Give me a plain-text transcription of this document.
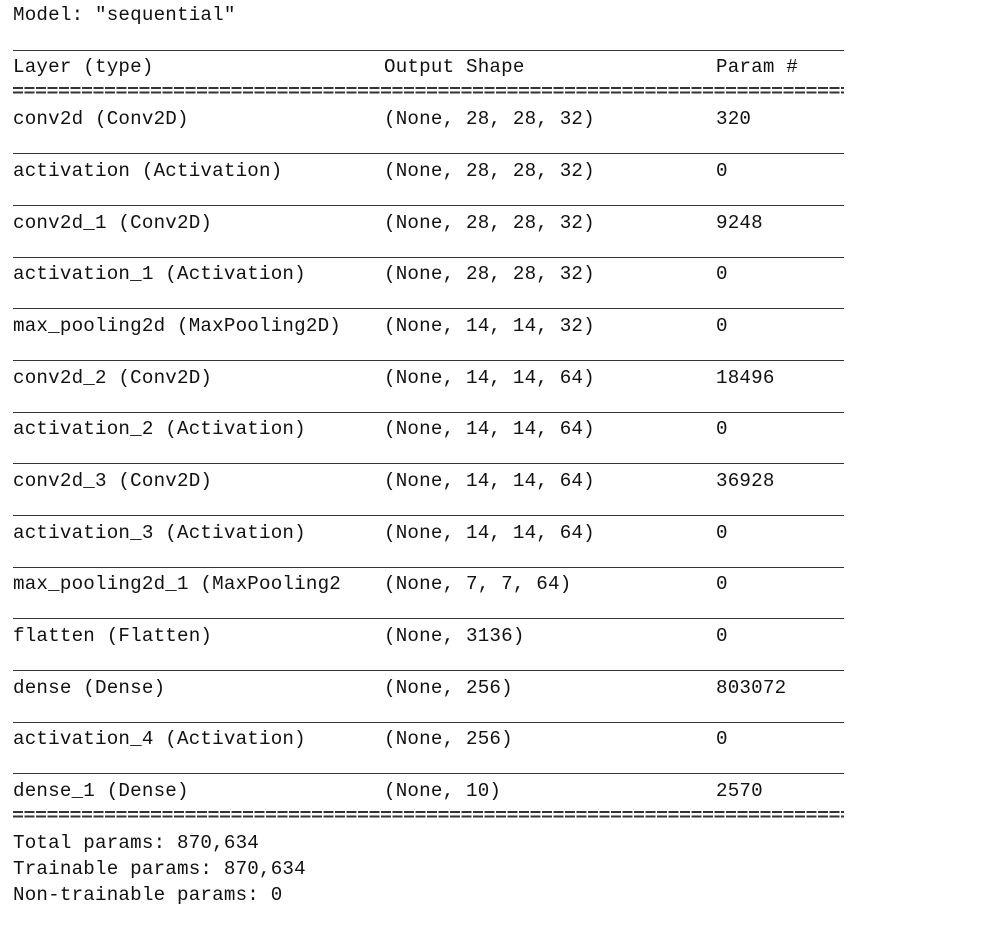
Model: "sequential"
Layer (type)	Output Shape	Param #
conv2d (Conv2D)	(None, 28, 28, 32)	320
activation (Activation)	(None, 28, 28, 32)	0
conv2d_1 (Conv2D)	(None, 28, 28, 32)	9248
activation_1 (Activation)	(None, 28, 28, 32)	0
max_pooling2d (MaxPooling2D) (None, 14, 14, 32)	0
conv2d_2 (Conv2D)	(None, 14, 14, 64)	18496
activation_2 (Activation)	(None, 14, 14, 64)	0
conv2d_3 (Conv2D)	(None, 14, 14, 64)	36928
activation_3 (Activation)	(None, 14, 14, 64)	0
max_pooling2d_1 (MaxPooling2 (None, 7, 7, 64)	0
flatten (Flatten)	(None, 3136)	0
dense (Dense)	(None, 256)	803072
activation_4 (Activation)	(None, 256)	0
dense_1 (Dense)	(None, 10)	2570
Total params: 870,634
Trainable params: 870,634
Non-trainable params: 0
